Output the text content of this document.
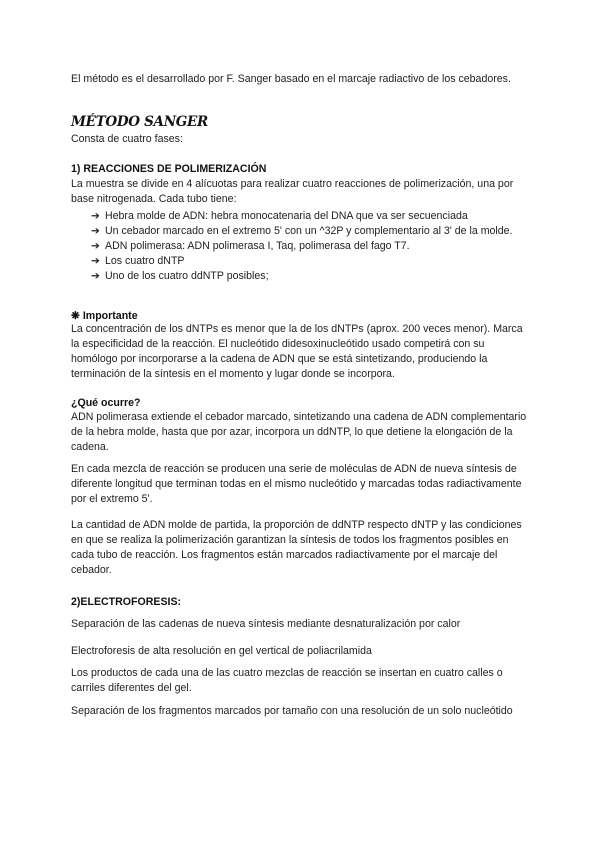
El método es el desarrollado por F. Sanger basado en el marcaje radiactivo de los cebadores.

MÉTODO SANGER

Consta de cuatro fases:

1) REACCIONES DE POLIMERIZACIÓN

La muestra se divide en 4 alícuotas para realizar cuatro reacciones de polimerización, una por base nitrogenada. Cada tubo tiene:

➔ Hebra molde de ADN: hebra monocatenaria del DNA que va ser secuenciada
➔ Un cebador marcado en el extremo 5' con un ^32P y complementario al 3' de la molde.
➔ ADN polimerasa: ADN polimerasa I, Taq, polimerasa del fago T7.
➔ Los cuatro dNTP
➔ Uno de los cuatro ddNTP posibles;

❋ Importante

La concentración de los dNTPs es menor que la de los dNTPs (aprox. 200 veces menor). Marca la especificidad de la reacción. El nucleótido didesoxinucleótido usado competirá con su homólogo por incorporarse a la cadena de ADN que se está sintetizando, produciendo la terminación de la síntesis en el momento y lugar donde se incorpora.

¿Qué ocurre?

ADN polimerasa extiende el cebador marcado, sintetizando una cadena de ADN complementario de la hebra molde, hasta que por azar, incorpora un ddNTP, lo que detiene la elongación de la cadena.

En cada mezcla de reacción se producen una serie de moléculas de ADN de nueva síntesis de diferente longitud que terminan todas en el mismo nucleótido y marcadas todas radiactivamente por el extremo 5'.

La cantidad de ADN molde de partida, la proporción de ddNTP respecto dNTP y las condiciones en que se realiza la polimerización garantizan la síntesis de todos los fragmentos posibles en cada tubo de reacción. Los fragmentos están marcados radiactivamente por el marcaje del cebador.

2)ELECTROFORESIS:

Separación de las cadenas de nueva síntesis mediante desnaturalización por calor

Electroforesis de alta resolución en gel vertical de poliacrilamida

Los productos de cada una de las cuatro mezclas de reacción se insertan en cuatro calles o carriles diferentes del gel.

Separación de los fragmentos marcados por tamaño con una resolución de un solo nucleótido
